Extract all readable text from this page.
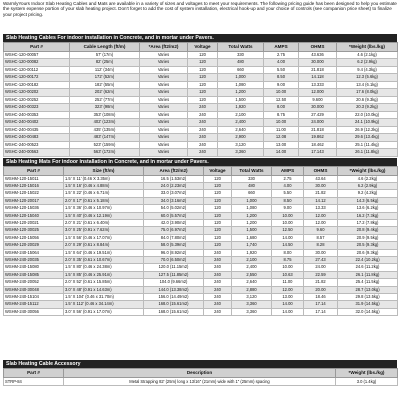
WarmlyYours Indoor Slab Heating Cables and Mats are available in a variety of sizes and voltages to meet your requirements. The following pricing guide has been designed to help you estimate the system expense portion of your slab heating project. Don't forget to add the cost of system installation, electrical hook-up and your choice of controls (see companion price sheet) to finalize your project pricing.
Slab Heating Cables For indoor installation in Concrete, and in mortar under Pavers.
Part #	Cable Length (ft/m)	*Area (ft2/m2)	Voltage	Total Watts	AMPS	OHMS	*Weight (lbs./kg)
WSHC-120-00057	57' (17m)	Varies	120	330	2.75	43.636	4.6 (2.1kg)
WSHC-120-00082	82' (25m)	Varies	120	480	4.00	30.000	6.2 (2.9kg)
WSHC-120-00112	112' (34m)	Varies	120	660	5.50	21.818	9.4 (4.3kg)
WSHC-120-00172	172' (52m)	Varies	120	1,000	8.50	14.118	12.3 (5.6kg)
WSHC-120-00182	182' (55m)	Varies	120	1,080	9.00	13.333	13.4 (6.1kg)
WSHC-120-00202	202' (62m)	Varies	120	1,200	10.00	12.000	17.6 (8.0kg)
WSHC-120-00252	252' (77m)	Varies	120	1,500	12.50	9.600	20.6 (9.3kg)
WSHC-240-00323	323' (98m)	Varies	240	1,920	8.00	30.000	20.3 (9.2kg)
WSHC-240-00353	353' (108m)	Varies	240	2,100	8.75	27.429	22.0 (10.0kg)
WSHC-240-00402	402' (123m)	Varies	240	2,400	10.00	24.000	24.1 (10.9kg)
WSHC-240-00435	435' (135m)	Varies	240	2,640	11.00	21.818	26.9 (12.2kg)
WSHC-240-00483	483' (147m)	Varies	240	2,900	12.08	19.862	29.6 (13.4kg)
WSHC-240-00523	523' (159m)	Varies	240	3,120	13.00	18.462	25.1 (11.4kg)
WSHC-240-00563	563' (172m)	Varies	240	3,360	14.00	17.143	26.1 (11.8kg)
Slab Heating Mats For indoor installation in Concrete, and in mortar under Pavers.
Part #	Size (ft/m)	Area (ft2/m2)	Voltage	Total Watts	AMPS	OHMS	*Weight (lbs./kg)
WSHM-120-15011	1.5' X 11' (0.46 X 3.35m)	16.5 (1.53m2)	120	330	2.75	43.64	4.6 (2.2kg)
WSHM-120-15016	1.5' X 16' (0.46 x 4.88m)	24.0 (2.23m2)	120	480	4.00	30.00	6.2 (2.9kg)
WSHM-120-15022	1.5' X 22' (0.46 x 6.71m)	33.0 (3.07m2)	120	660	5.50	21.82	9.2 (4.2kg)
WSHM-120-20017	2.0' X 17' (0.61 x 5.18m)	34.0 (3.16m2)	120	1,000	8.50	14.12	14.3 (6.5kg)
WSHM-120-15036	1.5' X 36' (0.46 x 10.97m)	54.0 (5.02m2)	120	1,080	9.00	13.33	13.6 (6.2kg)
WSHM-120-15040	1.5' X 40' (0.46 x 12.19m)	60.0 (5.57m2)	120	1,200	10.00	12.00	16.2 (7.3kg)
WSHM-120-20021	2.0' X 21' (0.61 x 6.40m)	42.0 (3.90m2)	120	1,200	10.00	12.00	17.2 (7.8kg)
WSHM-120-30025	3.0' X 25' (0.91 x 7.62m)	75.0 (6.97m2)	120	1,500	12.50	9.60	20.8 (9.4kg)
WSHM-120-15056	1.5' X 56' (0.46 x 17.07m)	84.0 (7.80m2)	120	1,680	14.00	8.57	20.9 (9.5kg)
WSHM-120-20029	2.0' X 29' (0.61 x 8.84m)	58.0 (5.39m2)	120	1,740	14.50	8.28	20.5 (9.3kg)
WSHM-240-15064	1.5' X 64' (0.46 x 19.51m)	96.0 (8.92m2)	240	1,920	8.00	30.00	20.6 (9.3kg)
WSHM-240-20035	2.0' X 35' (0.61 x 10.67m)	70.0 (6.50m2)	240	2,100	8.75	27.43	22.4 (10.2kg)
WSHM-240-15080	1.5' X 80' (0.46 x 24.38m)	120.0 (11.15m2)	240	2,400	10.00	24.00	24.6 (11.2kg)
WSHM-240-15085	1.5' X 85' (0.46 x 25.91m)	127.5 (11.85m2)	240	2,550	10.63	22.59	26.1 (11.8kg)
WSHM-240-20052	2.0' X 52' (0.61 x 15.85m)	104.0 (9.66m2)	240	2,640	11.00	21.82	25.4 (11.5kg)
WSHM-240-30048	3.0' X 48' (0.91 x 14.63m)	144.0 (13.38m2)	240	2,880	12.00	20.00	28.7 (13.0kg)
WSHM-240-15104	1.5' X 104' (0.46 x 31.70m)	156.0 (14.49m2)	240	3,120	13.00	18.46	29.8 (13.5kg)
WSHM-240-15112	1.5' X 112' (0.46 x 34.14m)	168.0 (15.61m2)	240	3,360	14.00	17.14	31.9 (14.5kg)
WSHM-240-30056	3.0' X 56' (0.91 x 17.07m)	168.0 (15.61m2)	240	3,360	14.00	17.14	32.0 (14.5kg)
Slab Heating Cable Accessory
Part #	Description	*Weight (lbs./kg)
STRP-84	Metal Strapping 82' (25m) long x 13/16" (21mm) wide with 1" (25mm) spacing	3.0 (1.4kg)
